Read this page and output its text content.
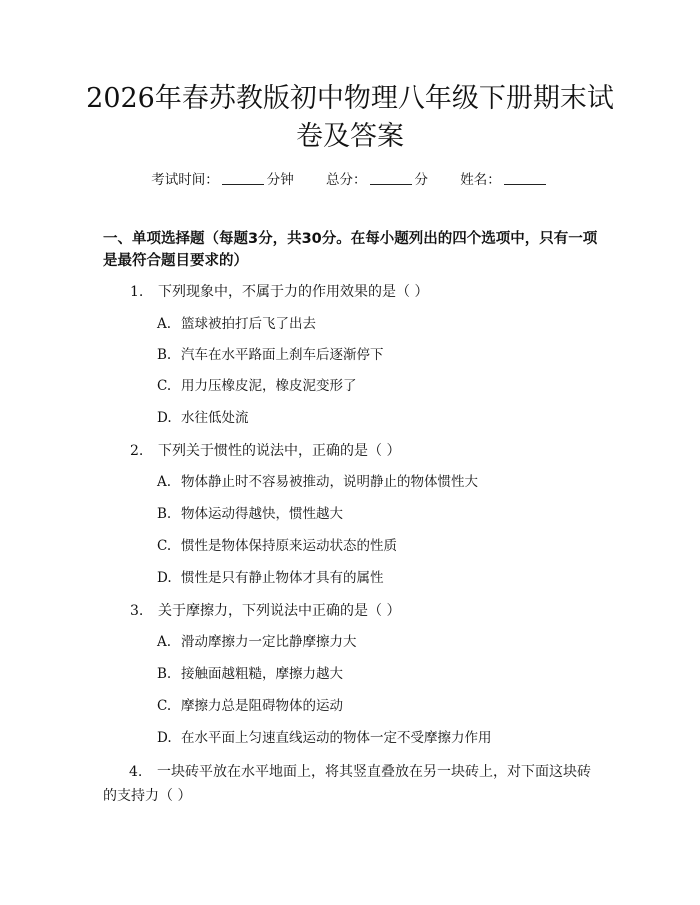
2026年春苏教版初中物理八年级下册期末试卷及答案
考试时间：	分钟 总分：	分 姓名：
一、单项选择题（每题3分，共30分。在每小题列出的四个选项中，只有一项是最符合题目要求的）
1. 下列现象中，不属于力的作用效果的是（ ）
A. 篮球被拍打后飞了出去
B. 汽车在水平路面上刹车后逐渐停下
C. 用力压橡皮泥，橡皮泥变形了
D. 水往低处流
2. 下列关于惯性的说法中，正确的是（ ）
A. 物体静止时不容易被推动，说明静止的物体惯性大
B. 物体运动得越快，惯性越大
C. 惯性是物体保持原来运动状态的性质
D. 惯性是只有静止物体才具有的属性
3. 关于摩擦力，下列说法中正确的是（ ）
A. 滑动摩擦力一定比静摩擦力大
B. 接触面越粗糙，摩擦力越大
C. 摩擦力总是阻碍物体的运动
D. 在水平面上匀速直线运动的物体一定不受摩擦力作用
4. 一块砖平放在水平地面上，将其竖直叠放在另一块砖上，对下面这块砖的支持力（ ）
